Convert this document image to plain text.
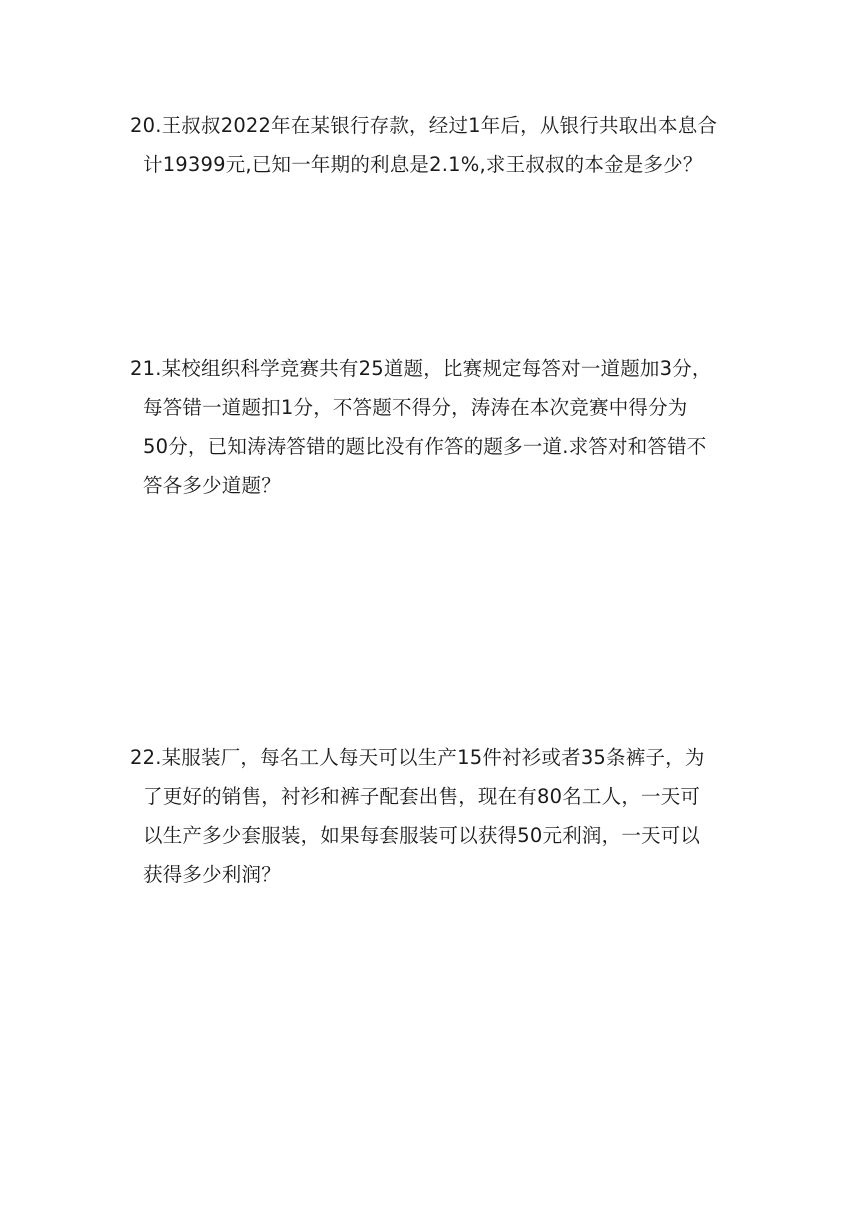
20.王叔叔2022年在某银行存款，经过1年后，从银行共取出本息合
计19399元,已知一年期的利息是2.1%,求王叔叔的本金是多少？
21.某校组织科学竞赛共有25道题，比赛规定每答对一道题加3分，
每答错一道题扣1分，不答题不得分，涛涛在本次竞赛中得分为
50分，已知涛涛答错的题比没有作答的题多一道.求答对和答错不
答各多少道题？
22.某服装厂，每名工人每天可以生产15件衬衫或者35条裤子，为
了更好的销售，衬衫和裤子配套出售，现在有80名工人，一天可
以生产多少套服装，如果每套服装可以获得50元利润，一天可以
获得多少利润？
